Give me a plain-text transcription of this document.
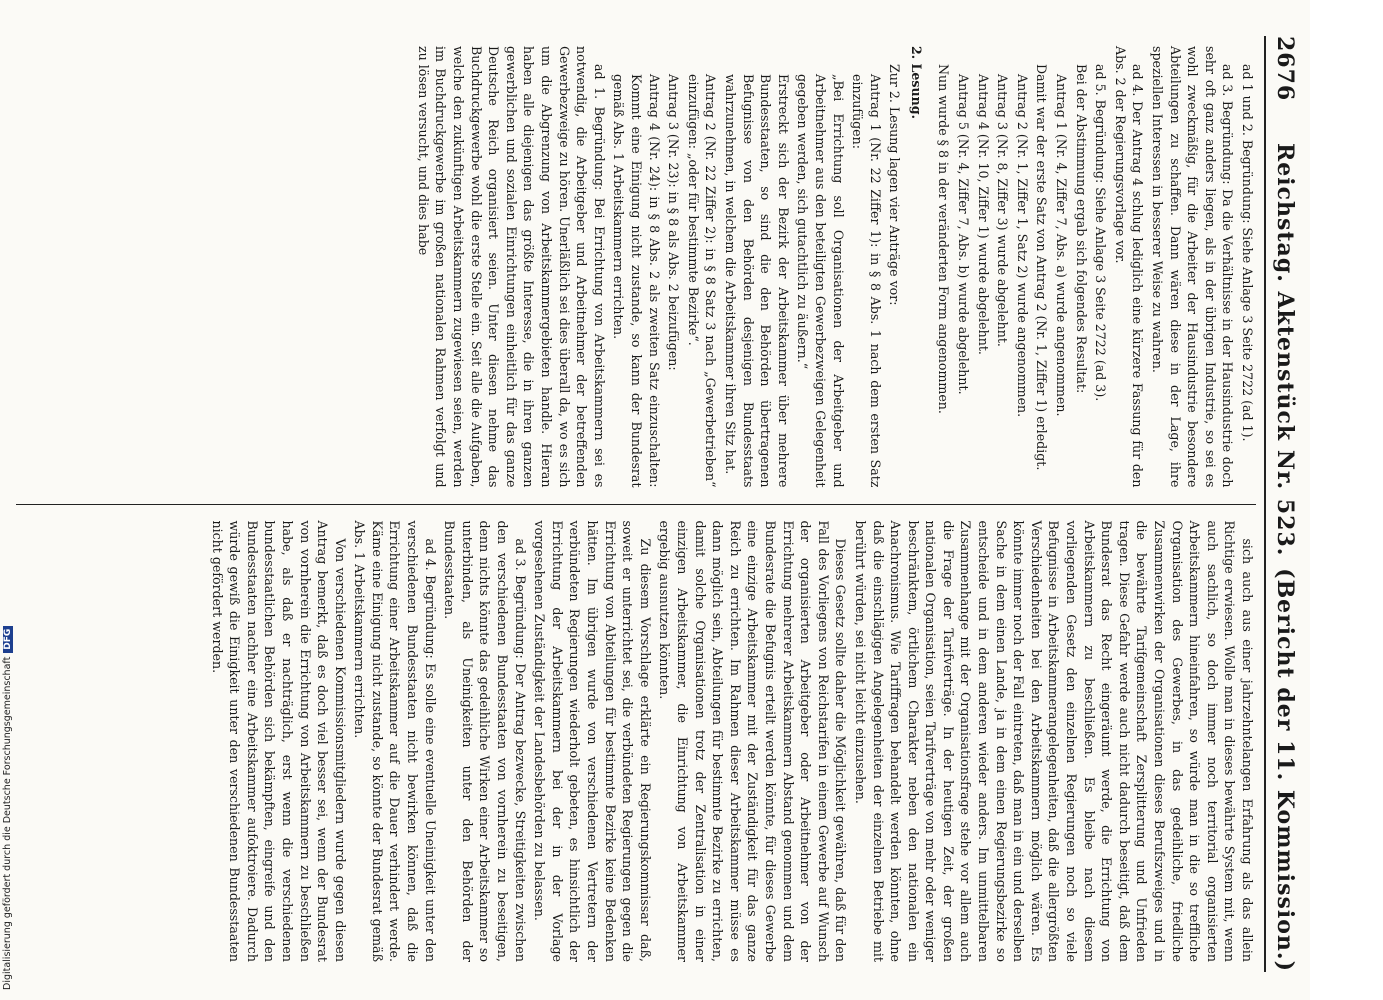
2676
Reichstag. Aktenstück Nr. 523.
(Bericht der 11. Kommission.)

ad 1 und 2. Begründung: Siehe Anlage 3 Seite 2722 (ad 1).

ad 3. Begründung: Da die Verhältnisse in der Hausindustrie doch sehr oft ganz anders liegen, als in der übrigen Industrie, so sei es wohl zweckmäßig, für die Arbeiter der Hausindustrie besondere Abteilungen zu schaffen. Dann wären diese in der Lage, ihre speziellen Interessen in besserer Weise zu wahren.

ad 4. Der Antrag 4 schlug lediglich eine kürzere Fassung für den Abs. 2 der Regierungsvorlage vor.

ad 5. Begründung: Siehe Anlage 3 Seite 2722 (ad 3).

Bei der Abstimmung ergab sich folgendes Resultat:

Antrag 1 (Nr. 4, Ziffer 7, Abs. a) wurde angenommen.

Damit war der erste Satz von Antrag 2 (Nr. 1, Ziffer 1) erledigt.

Antrag 2 (Nr. 1, Ziffer 1, Satz 2) wurde angenommen.

Antrag 3 (Nr. 8, Ziffer 3) wurde abgelehnt.

Antrag 4 (Nr. 10, Ziffer 1) wurde abgelehnt.

Antrag 5 (Nr. 4, Ziffer 7, Abs. b) wurde abgelehnt.

Nun wurde § 8 in der veränderten Form angenommen.

2. Lesung.

Zur 2. Lesung lagen vier Anträge vor:

Antrag 1 (Nr. 22 Ziffer 1): in § 8 Abs. 1 nach dem ersten Satz einzufügen:

„Bei Errichtung soll Organisationen der Arbeitgeber und Arbeitnehmer aus den beteiligten Gewerbezweigen Gelegenheit gegeben werden, sich gutachtlich zu äußern.“

Erstreckt sich der Bezirk der Arbeitskammer über mehrere Bundesstaaten, so sind die den Behörden übertragenen Befugnisse von den Behörden desjenigen Bundesstaats wahrzunehmen, in welchem die Arbeitskammer ihren Sitz hat.

Antrag 2 (Nr. 22 Ziffer 2): in § 8 Satz 3 nach „Gewerbetrieben“ einzufügen: „oder für bestimmte Bezirke“.

Antrag 3 (Nr. 23): in § 8 als Abs. 2 beizufügen:

Antrag 4 (Nr. 24): in § 8 Abs. 2 als zweiten Satz einzuschalten: Kommt eine Einigung nicht zustande, so kann der Bundesrat gemäß Abs. 1 Arbeitskammern errichten.

ad 1. Begründung: Bei Errichtung von Arbeitskammern sei es notwendig, die Arbeitgeber und Arbeitnehmer der betreffenden Gewerbezweige zu hören. Unerläßlich sei dies überall da, wo es sich um die Abgrenzung von Arbeitskammergebieten handle. Hieran haben alle diejenigen das größte Interesse, die in ihren ganzen gewerblichen und sozialen Einrichtungen einheitlich für das ganze Deutsche Reich organisiert seien. Unter diesen nehme das Buchdruckgewerbe wohl die erste Stelle ein. Seit alle die Aufgaben, welche den zukünftigen Arbeitskammern zugewiesen seien, werden im Buchdruckgewerbe im großen nationalen Rahmen verfolgt und zu lösen versucht, und dies habe

sich auch aus einer jahrzehntelangen Erfahrung als das allein Richtige erwiesen. Wolle man in dieses bewährte System mit, wenn auch sachlich, so doch immer noch territorial organisierten Arbeitskammern hineinfahren, so würde man in die so treffliche Organisation des Gewerbes, in das gedeihliche, friedliche Zusammenwirken der Organisationen dieses Berufszweiges und in die bewährte Tarifgemeinschaft Zersplitterung und Unfrieden tragen. Diese Gefahr werde auch nicht dadurch beseitigt, daß dem Bundesrat das Recht eingeräumt werde, die Errichtung von Arbeitskammern zu beschließen. Es bleibe nach diesem vorliegenden Gesetz den einzelnen Regierungen noch so viele Befugnisse in Arbeitskammerangelegenheiten, daß die allergrößten Verschiedenheiten bei den Arbeitskammern möglich wären. Es könnte immer noch der Fall eintreten, daß man in ein und derselben Sache in dem einen Lande, ja in dem einen Regierungsbezirke so entscheide und in dem anderen wieder anders. Im unmittelbaren Zusammenhange mit der Organisationsfrage stehe vor allem auch die Frage der Tarifverträge. In der heutigen Zeit, der großen nationalen Organisation, seien Tarifverträge von mehr oder weniger beschränktem, örtlichem Charakter neben den nationalen ein Anachronismus. Wie Tariffragen behandelt werden könnten, ohne daß die einschlägigen Angelegenheiten der einzelnen Betriebe mit berührt würden, sei nicht leicht einzusehen.

Dieses Gesetz sollte daher die Möglichkeit gewähren, daß für den Fall des Vorliegens von Reichstarifen in einem Gewerbe auf Wunsch der organisierten Arbeitgeber oder Arbeitnehmer von der Errichtung mehrerer Arbeitskammern Abstand genommen und dem Bundesrate die Befugnis erteilt werden könnte, für dieses Gewerbe eine einzige Arbeitskammer mit der Zuständigkeit für das ganze Reich zu errichten. Im Rahmen dieser Arbeitskammer müsse es dann möglich sein, Abteilungen für bestimmte Bezirke zu errichten, damit solche Organisationen trotz der Zentralisation in einer einzigen Arbeitskammer, die Einrichtung von Arbeitskammer ergebig ausnutzen könnten.

Zu diesem Vorschlage erklärte ein Regierungskommissar daß, soweit er unterrichtet sei, die verbündeten Regierungen gegen die Errichtung von Abteilungen für bestimmte Bezirke keine Bedenken hätten. Im übrigen wurde von verschiedenen Vertretern der verbündeten Regierungen wiederholt gebeten, es hinsichtlich der Errichtung der Arbeitskammern bei der in der Vorlage vorgesehenen Zuständigkeit der Landesbehörden zu belassen.

ad 3. Begründung: Der Antrag bezwecke, Streitigkeiten zwischen den verschiedenen Bundesstaaten von vornherein zu beseitigen, denn nichts könnte das gedeihliche Wirken einer Arbeitskammer so unterbinden, als Uneinigkeiten unter den Behörden der Bundesstaaten.

ad 4. Begründung: Es solle eine eventuelle Uneinigkeit unter den verschiedenen Bundesstaaten nicht bewirken können, daß die Errichtung einer Arbeitskammer auf die Dauer verhindert werde. Käme eine Einigung nicht zustande, so könnte der Bundesrat gemäß Abs. 1 Arbeitskammern errichten.

Von verschiedenen Kommissionsmitgliedern wurde gegen diesen Antrag bemerkt, daß es doch viel besser sei, wenn der Bundesrat von vornherein die Errichtung von Arbeitskammern zu beschließen habe, als daß er nachträglich, erst wenn die verschiedenen bundesstaatlichen Behörden sich bekämpften, eingreife und den Bundesstaaten nachher eine Arbeitskammer aufoktroiere. Dadurch würde gewiß die Einigkeit unter den verschiedenen Bundesstaaten nicht gefördert werden.

Digitalisierung gefördert durch die Deutsche ForschungsgemeinschaftDFG
